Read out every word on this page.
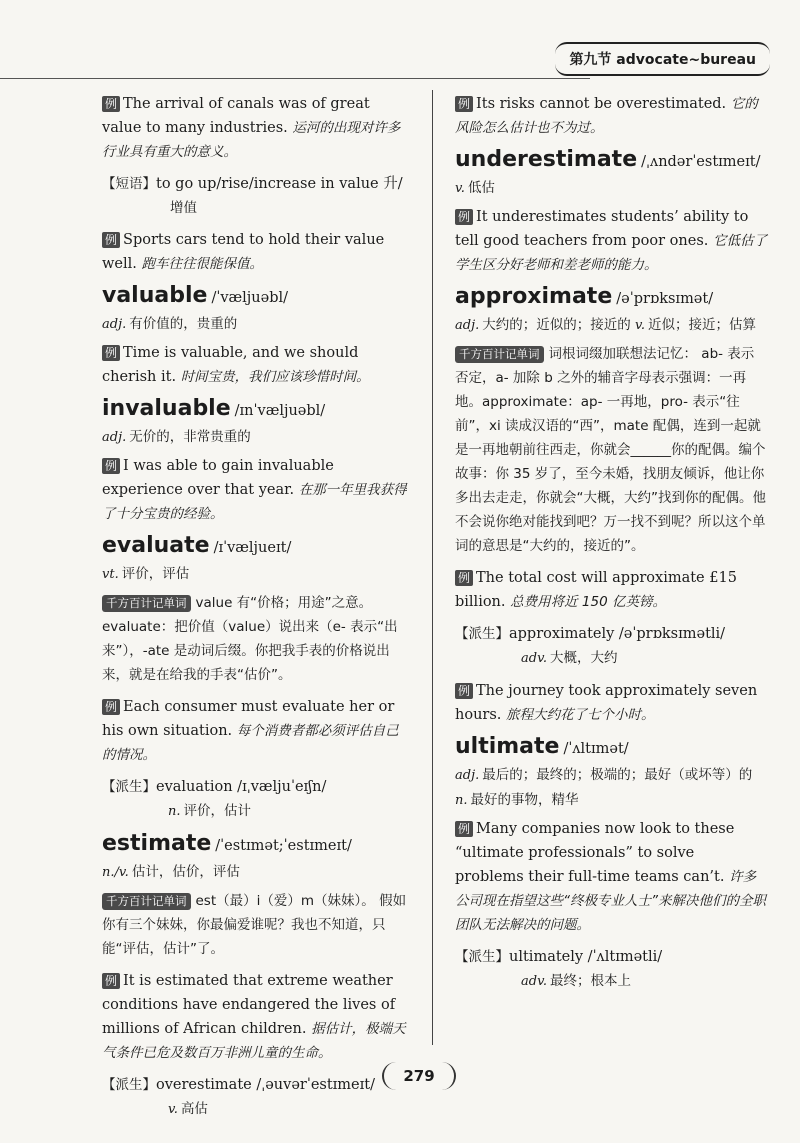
第九节 advocate~bureau

例 The arrival of canals was of great value to many industries. 运河的出现对许多行业具有重大的意义。

【短语】to go up/rise/increase in value 升/
增值

例 Sports cars tend to hold their value well. 跑车往往很能保值。

valuable /ˈvæljuəbl/

adj. 有价值的，贵重的

例 Time is valuable, and we should cherish it. 时间宝贵，我们应该珍惜时间。

invaluable /ɪnˈvæljuəbl/

adj. 无价的，非常贵重的

例 I was able to gain invaluable experience over that year. 在那一年里我获得了十分宝贵的经验。

evaluate /ɪˈvæljueɪt/

vt. 评价，评估

千方百计记单词 value 有“价格；用途”之意。 evaluate：把价值（value）说出来（e- 表示“出来”），-ate 是动词后缀。你把我手表的价格说出来，就是在给我的手表“估价”。

例 Each consumer must evaluate her or his own situation. 每个消费者都必须评估自己的情况。

【派生】evaluation /ɪˌvæljuˈeɪʃn/
n. 评价，估计

estimate /ˈestɪmət;ˈestɪmeɪt/

n./v. 估计，估价，评估

千方百计记单词 est（最）i（爱）m（妹妹）。 假如你有三个妹妹，你最偏爱谁呢？我也不知道，只能“评估，估计”了。

例 It is estimated that extreme weather conditions have endangered the lives of millions of African children. 据估计，极端天气条件已危及数百万非洲儿童的生命。

【派生】overestimate /ˌəuvərˈestɪmeɪt/
v. 高估

例 Its risks cannot be overestimated. 它的风险怎么估计也不为过。

underestimate /ˌʌndərˈestɪmeɪt/

v. 低估

例 It underestimates students’ ability to tell good teachers from poor ones. 它低估了学生区分好老师和差老师的能力。

approximate /əˈprɒksɪmət/

adj. 大约的；近似的；接近的 v. 近似；接近；估算

千方百计记单词 词根词缀加联想法记忆： ab- 表示否定，a- 加除 b 之外的辅音字母表示强调：一再地。approximate：ap- 一再地，pro- 表示“往前”，xi 读成汉语的“西”，mate 配偶，连到一起就是一再地朝前往西走，你就会______你的配偶。编个故事：你 35 岁了，至今未婚，找朋友倾诉，他让你多出去走走，你就会“大概，大约”找到你的配偶。他不会说你绝对能找到吧？万一找不到呢？所以这个单词的意思是“大约的，接近的”。

例 The total cost will approximate £15 billion. 总费用将近 150 亿英镑。

【派生】approximately /əˈprɒksɪmətli/
adv. 大概，大约

例 The journey took approximately seven hours. 旅程大约花了七个小时。

ultimate /ˈʌltɪmət/

adj. 最后的；最终的；极端的；最好（或坏等）的 n. 最好的事物，精华

例 Many companies now look to these “ultimate professionals” to solve problems their full-time teams can’t. 许多公司现在指望这些“终极专业人士”来解决他们的全职团队无法解决的问题。

【派生】ultimately /ˈʌltɪmətli/
adv. 最终；根本上

279
